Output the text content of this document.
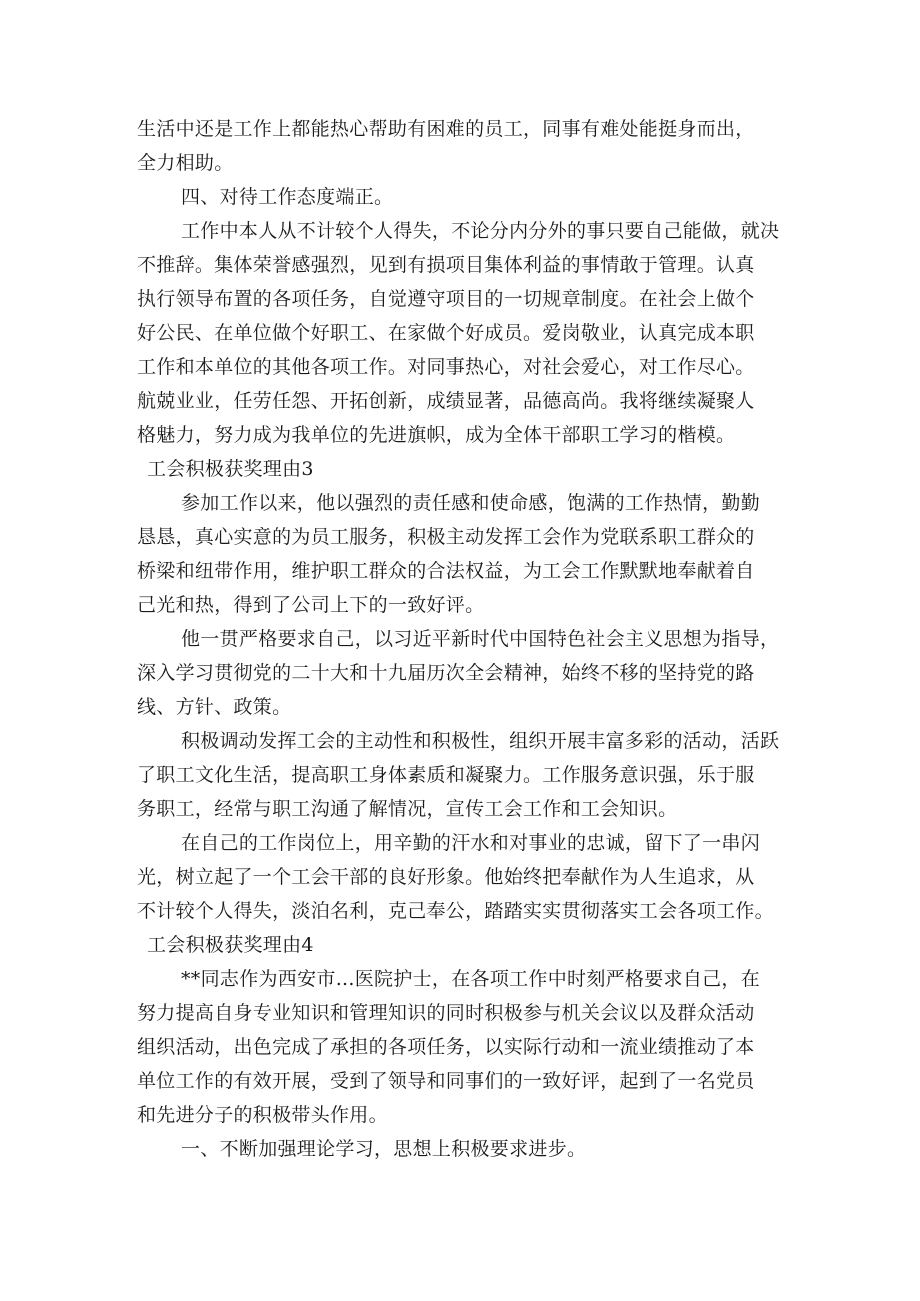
生活中还是工作上都能热心帮助有困难的员工，同事有难处能挺身而出，
全力相助。
四、对待工作态度端正。
工作中本人从不计较个人得失，不论分内分外的事只要自己能做，就决
不推辞。集体荣誉感强烈，见到有损项目集体利益的事情敢于管理。认真
执行领导布置的各项任务，自觉遵守项目的一切规章制度。在社会上做个
好公民、在单位做个好职工、在家做个好成员。爱岗敬业，认真完成本职
工作和本单位的其他各项工作。对同事热心，对社会爱心，对工作尽心。
航兢业业，任劳任怨、开拓创新，成绩显著，品德高尚。我将继续凝聚人
格魅力，努力成为我单位的先进旗帜，成为全体干部职工学习的楷模。
工会积极获奖理由3
参加工作以来，他以强烈的责任感和使命感，饱满的工作热情，勤勤
恳恳，真心实意的为员工服务，积极主动发挥工会作为党联系职工群众的
桥梁和纽带作用，维护职工群众的合法权益，为工会工作默默地奉献着自
己光和热，得到了公司上下的一致好评。
他一贯严格要求自己，以习近平新时代中国特色社会主义思想为指导，
深入学习贯彻党的二十大和十九届历次全会精神，始终不移的坚持党的路
线、方针、政策。
积极调动发挥工会的主动性和积极性，组织开展丰富多彩的活动，活跃
了职工文化生活，提高职工身体素质和凝聚力。工作服务意识强，乐于服
务职工，经常与职工沟通了解情况，宣传工会工作和工会知识。
在自己的工作岗位上，用辛勤的汗水和对事业的忠诚，留下了一串闪
光，树立起了一个工会干部的良好形象。他始终把奉献作为人生追求，从
不计较个人得失，淡泊名利，克己奉公，踏踏实实贯彻落实工会各项工作。
工会积极获奖理由4
**同志作为西安市...医院护士，在各项工作中时刻严格要求自己，在
努力提高自身专业知识和管理知识的同时积极参与机关会议以及群众活动
组织活动，出色完成了承担的各项任务，以实际行动和一流业绩推动了本
单位工作的有效开展，受到了领导和同事们的一致好评，起到了一名党员
和先进分子的积极带头作用。
一、不断加强理论学习，思想上积极要求进步。
